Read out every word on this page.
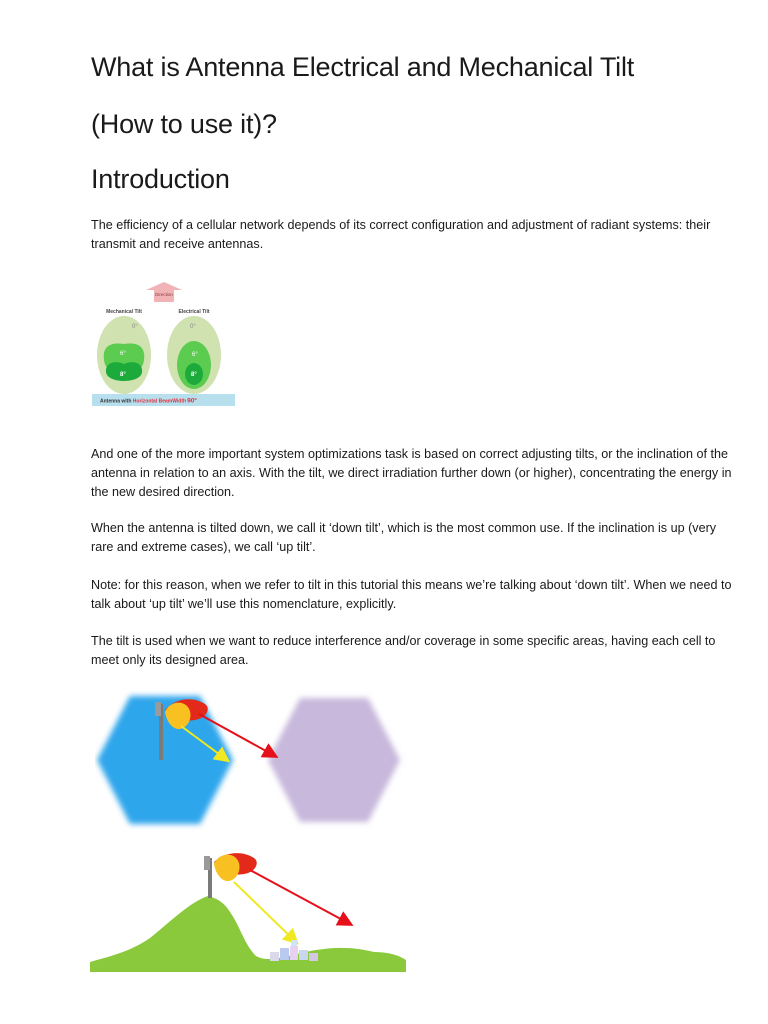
What is Antenna Electrical and Mechanical Tilt
(How to use it)?
Introduction

The efficiency of a cellular network depends of its correct configuration and adjustment of radiant systems: their transmit and receive antennas.

Direction
Mechanical Tilt	Electrical Tilt
0°
6°
8°
0°
6°
8°
Antenna with Horizontal BeamWidth90°

And one of the more important system optimizations task is based on correct adjusting tilts, or the inclination of the antenna in relation to an axis. With the tilt, we direct irradiation further down (or higher), concentrating the energy in the new desired direction.

When the antenna is tilted down, we call it ‘down tilt’, which is the most common use. If the inclination is up (very rare and extreme cases), we call ‘up tilt’.

Note: for this reason, when we refer to tilt in this tutorial this means we’re talking about ‘down tilt’. When we need to talk about ‘up tilt’ we’ll use this nomenclature, explicitly.

The tilt is used when we want to reduce interference and/or coverage in some specific areas, having each cell to meet only its designed area.
